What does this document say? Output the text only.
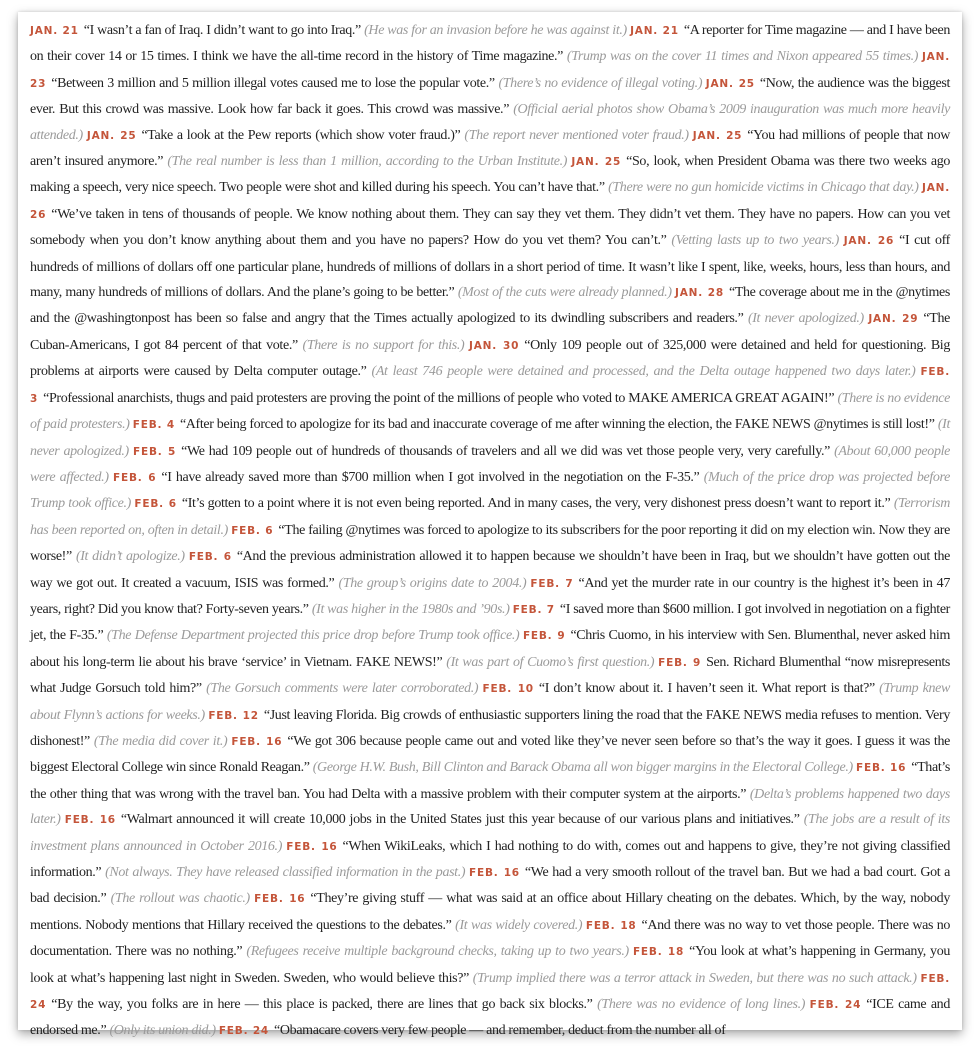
JAN. 21 “I wasn’t a fan of Iraq. I didn’t want to go into Iraq.” (He was for an invasion before he was against it.) JAN. 21 “A reporter for Time magazine — and I have been on their cover 14 or 15 times. I think we have the all-time record in the history of Time magazine.” (Trump was on the cover 11 times and Nixon appeared 55 times.) JAN. 23 “Between 3 million and 5 million illegal votes caused me to lose the popular vote.” (There’s no evidence of illegal voting.) JAN. 25 “Now, the audience was the biggest ever. But this crowd was massive. Look how far back it goes. This crowd was massive.” (Official aerial photos show Obama’s 2009 inauguration was much more heavily attended.) JAN. 25 “Take a look at the Pew reports (which show voter fraud.)” (The report never mentioned voter fraud.) JAN. 25 “You had millions of people that now aren’t insured anymore.” (The real number is less than 1 million, according to the Urban Institute.) JAN. 25 “So, look, when President Obama was there two weeks ago making a speech, very nice speech. Two people were shot and killed during his speech. You can’t have that.” (There were no gun homicide victims in Chicago that day.) JAN. 26 “We’ve taken in tens of thousands of people. We know nothing about them. They can say they vet them. They didn’t vet them. They have no papers. How can you vet somebody when you don’t know anything about them and you have no papers? How do you vet them? You can’t.” (Vetting lasts up to two years.) JAN. 26 “I cut off hundreds of millions of dollars off one particular plane, hundreds of millions of dollars in a short period of time. It wasn’t like I spent, like, weeks, hours, less than hours, and many, many hundreds of millions of dollars. And the plane’s going to be better.” (Most of the cuts were already planned.) JAN. 28 “The coverage about me in the @nytimes and the @washingtonpost has been so false and angry that the Times actually apologized to its dwindling subscribers and readers.” (It never apologized.) JAN. 29 “The Cuban-Americans, I got 84 percent of that vote.” (There is no support for this.) JAN. 30 “Only 109 people out of 325,000 were detained and held for questioning. Big problems at airports were caused by Delta computer outage.” (At least 746 people were detained and processed, and the Delta outage happened two days later.) FEB. 3 “Professional anarchists, thugs and paid protesters are proving the point of the millions of people who voted to MAKE AMERICA GREAT AGAIN!” (There is no evidence of paid protesters.) FEB. 4 “After being forced to apologize for its bad and inaccurate coverage of me after winning the election, the FAKE NEWS @nytimes is still lost!” (It never apologized.) FEB. 5 “We had 109 people out of hundreds of thousands of travelers and all we did was vet those people very, very carefully.” (About 60,000 people were affected.) FEB. 6 “I have already saved more than $700 million when I got involved in the negotiation on the F-35.” (Much of the price drop was projected before Trump took office.) FEB. 6 “It’s gotten to a point where it is not even being reported. And in many cases, the very, very dishonest press doesn’t want to report it.” (Terrorism has been reported on, often in detail.) FEB. 6 “The failing @nytimes was forced to apologize to its subscribers for the poor reporting it did on my election win. Now they are worse!” (It didn’t apologize.) FEB. 6 “And the previous administration allowed it to happen because we shouldn’t have been in Iraq, but we shouldn’t have gotten out the way we got out. It created a vacuum, ISIS was formed.” (The group’s origins date to 2004.) FEB. 7 “And yet the murder rate in our country is the highest it’s been in 47 years, right? Did you know that? Forty-seven years.” (It was higher in the 1980s and ’90s.) FEB. 7 “I saved more than $600 million. I got involved in negotiation on a fighter jet, the F-35.” (The Defense Department projected this price drop before Trump took office.) FEB. 9 “Chris Cuomo, in his interview with Sen. Blumenthal, never asked him about his long-term lie about his brave ‘service’ in Vietnam. FAKE NEWS!” (It was part of Cuomo’s first question.) FEB. 9 Sen. Richard Blumenthal “now misrepresents what Judge Gorsuch told him?” (The Gorsuch comments were later corroborated.) FEB. 10 “I don’t know about it. I haven’t seen it. What report is that?” (Trump knew about Flynn’s actions for weeks.) FEB. 12 “Just leaving Florida. Big crowds of enthusiastic supporters lining the road that the FAKE NEWS media refuses to mention. Very dishonest!” (The media did cover it.) FEB. 16 “We got 306 because people came out and voted like they’ve never seen before so that’s the way it goes. I guess it was the biggest Electoral College win since Ronald Reagan.” (George H.W. Bush, Bill Clinton and Barack Obama all won bigger margins in the Electoral College.) FEB. 16 “That’s the other thing that was wrong with the travel ban. You had Delta with a massive problem with their computer system at the airports.” (Delta’s problems happened two days later.) FEB. 16 “Walmart announced it will create 10,000 jobs in the United States just this year because of our various plans and initiatives.” (The jobs are a result of its investment plans announced in October 2016.) FEB. 16 “When WikiLeaks, which I had nothing to do with, comes out and happens to give, they’re not giving classified information.” (Not always. They have released classified information in the past.) FEB. 16 “We had a very smooth rollout of the travel ban. But we had a bad court. Got a bad decision.” (The rollout was chaotic.) FEB. 16 “They’re giving stuff — what was said at an office about Hillary cheating on the debates. Which, by the way, nobody mentions. Nobody mentions that Hillary received the questions to the debates.” (It was widely covered.) FEB. 18 “And there was no way to vet those people. There was no documentation. There was no nothing.” (Refugees receive multiple background checks, taking up to two years.) FEB. 18 “You look at what’s happening in Germany, you look at what’s happening last night in Sweden. Sweden, who would believe this?” (Trump implied there was a terror attack in Sweden, but there was no such attack.) FEB. 24 “By the way, you folks are in here — this place is packed, there are lines that go back six blocks.” (There was no evidence of long lines.) FEB. 24 “ICE came and endorsed me.” (Only its union did.) FEB. 24 “Obamacare covers very few people — and remember, deduct from the number all of
